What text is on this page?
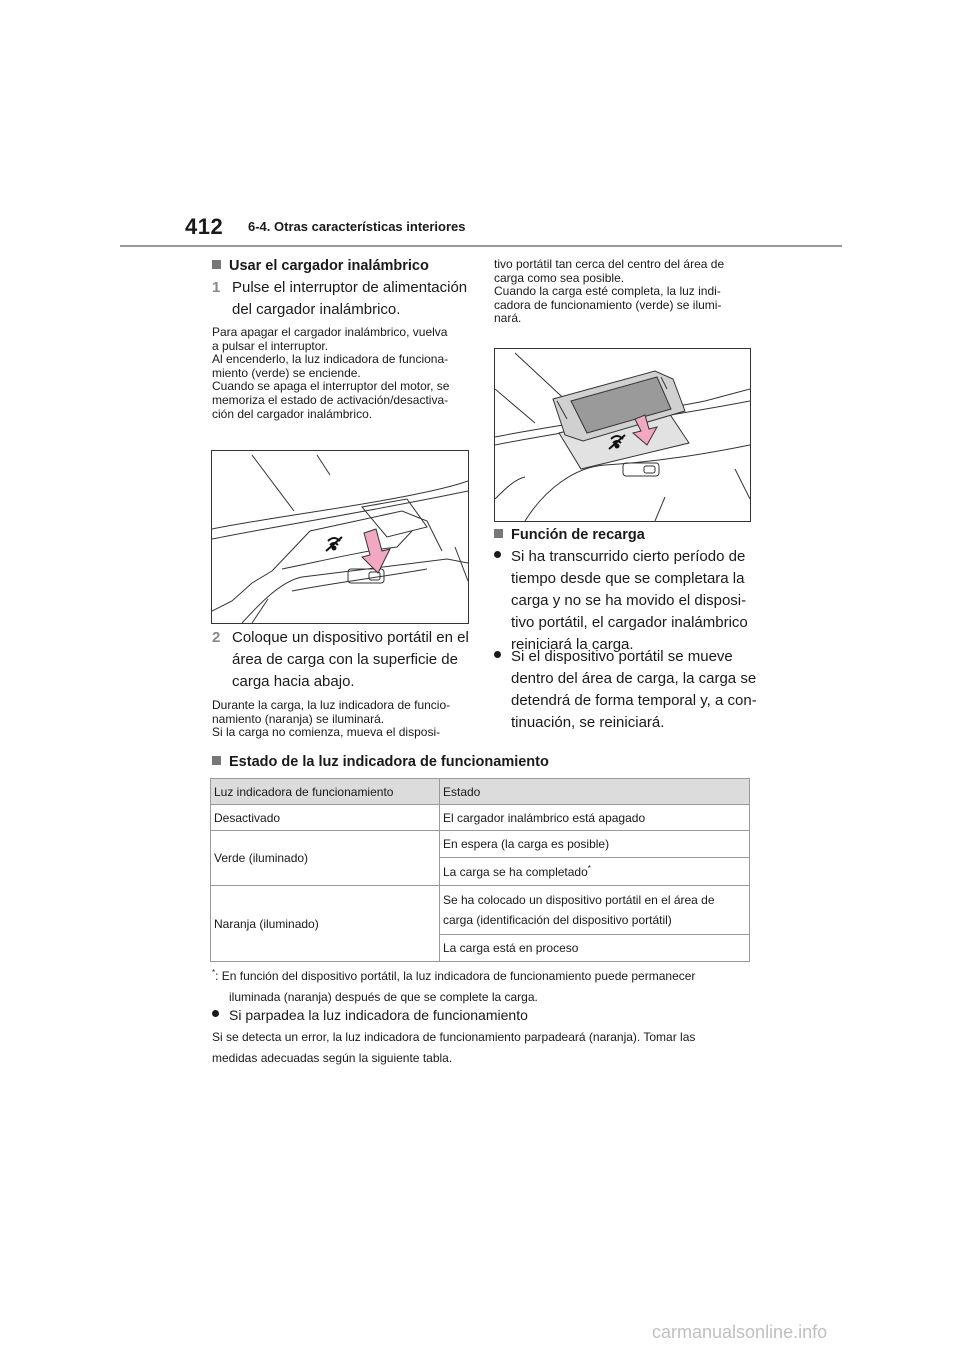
412 6-4. Otras características interiores
Usar el cargador inalámbrico
1 Pulse el interruptor de alimentación
del cargador inalámbrico.
Para apagar el cargador inalámbrico, vuelva
a pulsar el interruptor.
Al encenderlo, la luz indicadora de funciona-
miento (verde) se enciende.
Cuando se apaga el interruptor del motor, se
memoriza el estado de activación/desactiva-
ción del cargador inalámbrico.
2 Coloque un dispositivo portátil en el
área de carga con la superficie de
carga hacia abajo.
Durante la carga, la luz indicadora de funcio-
namiento (naranja) se iluminará.
Si la carga no comienza, mueva el disposi-
tivo portátil tan cerca del centro del área de
carga como sea posible.
Cuando la carga esté completa, la luz indi-
cadora de funcionamiento (verde) se ilumi-
nará.
Función de recarga
Si ha transcurrido cierto período de
tiempo desde que se completara la
carga y no se ha movido el disposi-
tivo portátil, el cargador inalámbrico
reiniciará la carga.
Si el dispositivo portátil se mueve
dentro del área de carga, la carga se
detendrá de forma temporal y, a con-
tinuación, se reiniciará.
Estado de la luz indicadora de funcionamiento
Luz indicadora de funcionamiento	Estado
Desactivado	El cargador inalámbrico está apagado
Verde (iluminado)	En espera (la carga es posible)
	La carga se ha completado*
Naranja (iluminado)	Se ha colocado un dispositivo portátil en el área de
carga (identificación del dispositivo portátil)

	La carga está en proceso
*: En función del dispositivo portátil, la luz indicadora de funcionamiento puede permanecer
iluminada (naranja) después de que se complete la carga.
Si parpadea la luz indicadora de funcionamiento
Si se detecta un error, la luz indicadora de funcionamiento parpadeará (naranja). Tomar las
medidas adecuadas según la siguiente tabla.
carmanualsonline.info
